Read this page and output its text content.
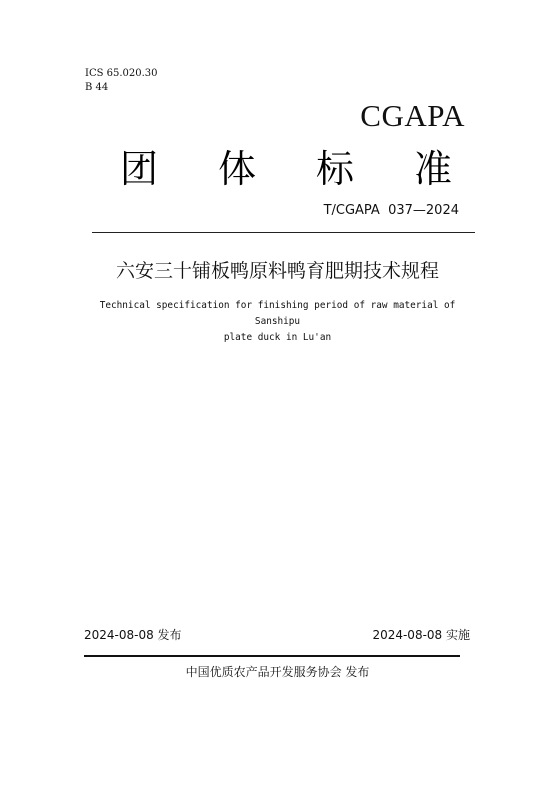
ICS 65.020.30
B 44
CGAPA
团 体 标 准
T/CGAPA  037—2024
六安三十铺板鸭原料鸭育肥期技术规程
Technical specification for finishing period of raw material of Sanshipu
plate duck in Lu'an
2024-08-08 发布	2024-08-08 实施
中国优质农产品开发服务协会 发布
